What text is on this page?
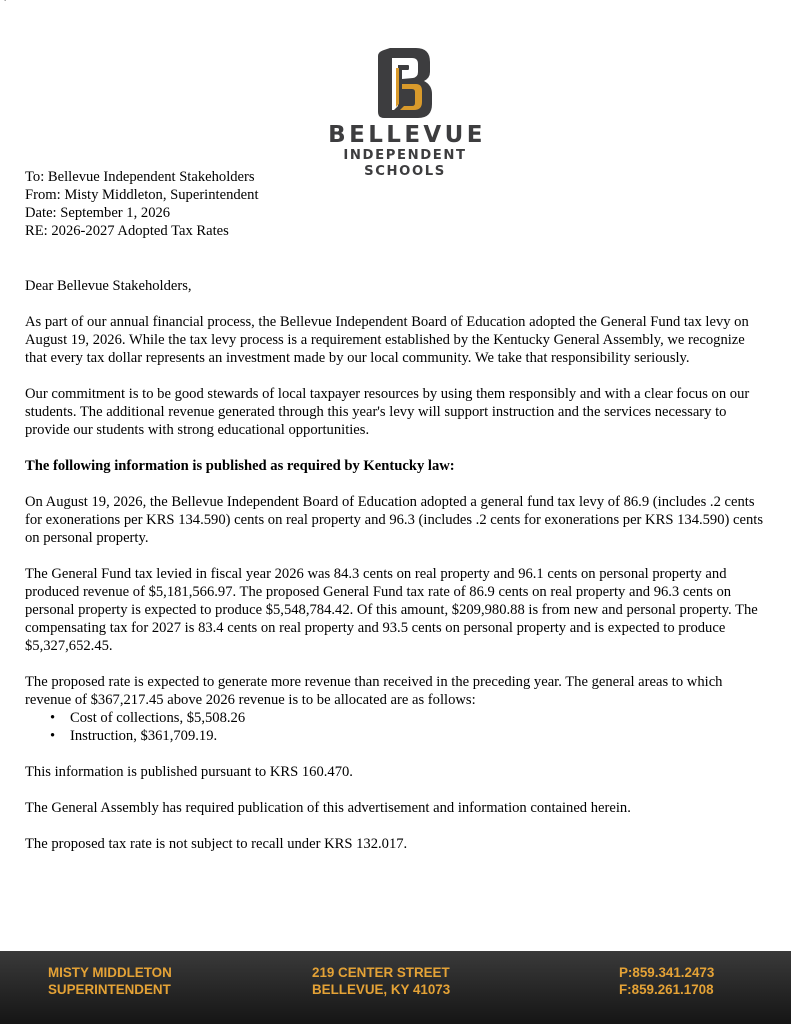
`
BELLEVUE
INDEPENDENT SCHOOLS
To: Bellevue Independent Stakeholders
From: Misty Middleton, Superintendent
Date: September 1, 2026
RE: 2026-2027 Adopted Tax Rates

Dear Bellevue Stakeholders,

As part of our annual financial process, the Bellevue Independent Board of Education adopted the General Fund tax levy on August 19, 2026. While the tax levy process is a requirement established by the Kentucky General Assembly, we recognize that every tax dollar represents an investment made by our local community. We take that responsibility seriously.

Our commitment is to be good stewards of local taxpayer resources by using them responsibly and with a clear focus on our students. The additional revenue generated through this year's levy will support instruction and the services necessary to provide our students with strong educational opportunities.

The following information is published as required by Kentucky law:

On August 19, 2026, the Bellevue Independent Board of Education adopted a general fund tax levy of 86.9 (includes .2 cents for exonerations per KRS 134.590) cents on real property and 96.3 (includes .2 cents for exonerations per KRS 134.590) cents on personal property.

The General Fund tax levied in fiscal year 2026 was 84.3 cents on real property and 96.1 cents on personal property and produced revenue of $5,181,566.97. The proposed General Fund tax rate of 86.9 cents on real property and 96.3 cents on personal property is expected to produce $5,548,784.42. Of this amount, $209,980.88 is from new and personal property. The compensating tax for 2027 is 83.4 cents on real property and 93.5 cents on personal property and is expected to produce $5,327,652.45.

The proposed rate is expected to generate more revenue than received in the preceding year. The general areas to which revenue of $367,217.45 above 2026 revenue is to be allocated are as follows:

• Cost of collections, $5,508.26
• Instruction, $361,709.19.

This information is published pursuant to KRS 160.470.

The General Assembly has required publication of this advertisement and information contained herein.

The proposed tax rate is not subject to recall under KRS 132.017.

MISTY MIDDLETON
SUPERINTENDENT
219 CENTER STREET
BELLEVUE, KY 41073
P:859.341.2473
F:859.261.1708
